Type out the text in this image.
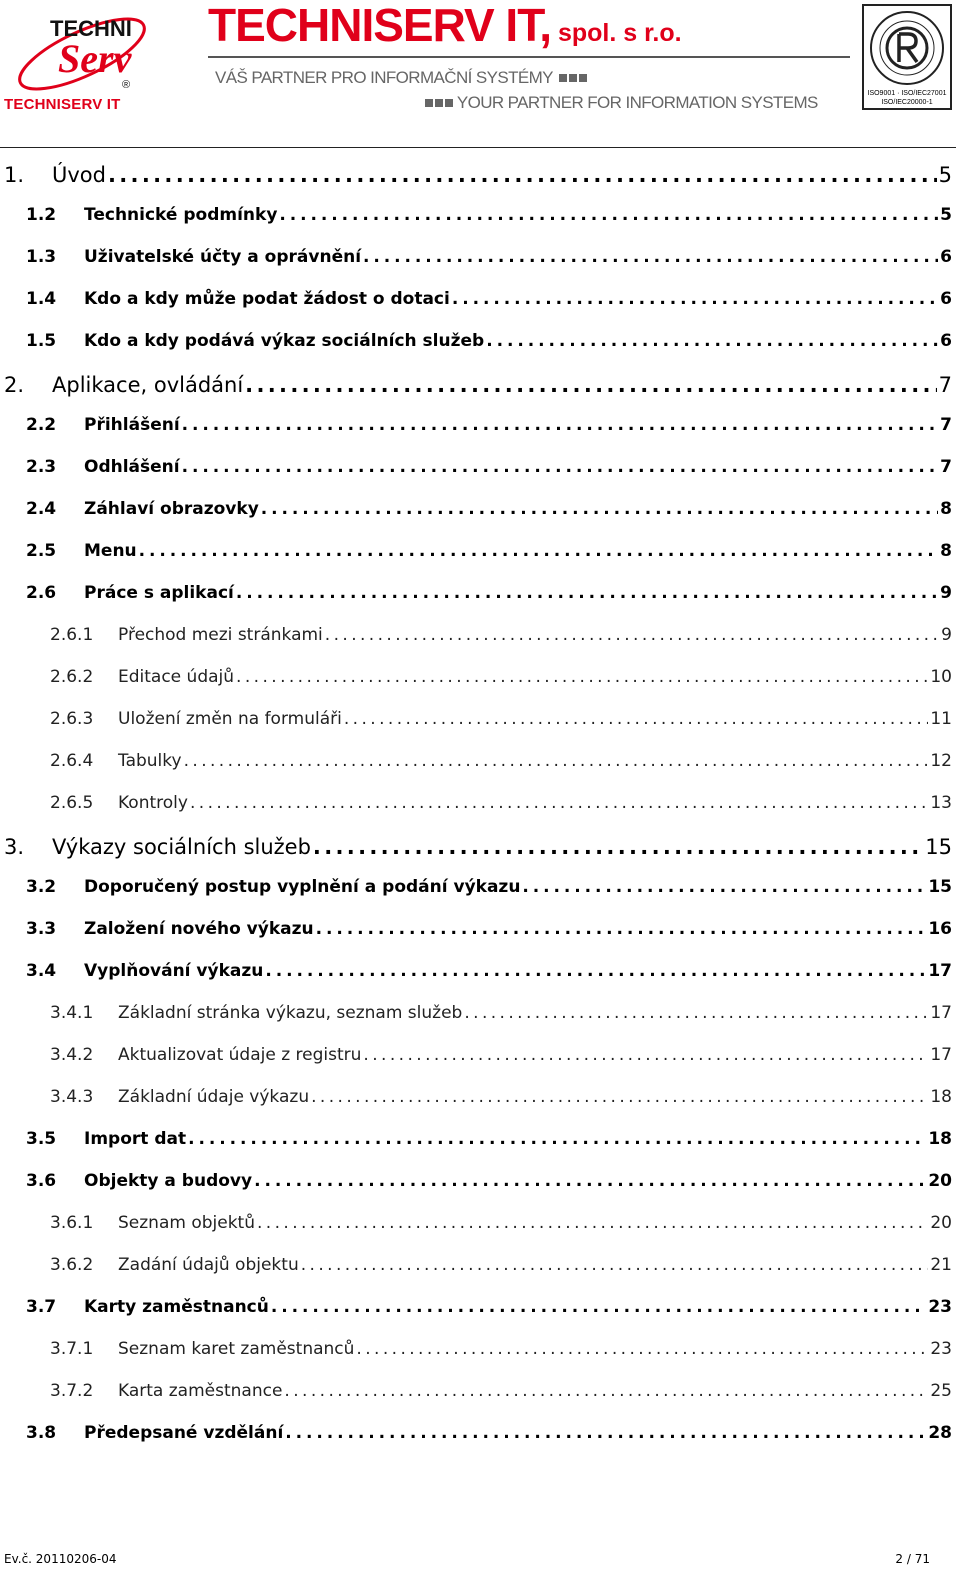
TECHNI
Serv
®
TECHNISERV IT
TECHNISERV IT, spol. s r.o.
VÁŠ PARTNER PRO INFORMAČNÍ SYSTÉMY
YOUR PARTNER FOR INFORMATION SYSTEMS	ISO9001 · ISO/IEC27001
ISO/IEC20000-1
1.	Úvod . . .	5
1.2	Technické podmínky . . .	5
1.3	Uživatelské účty a oprávnění . . .	6
1.4	Kdo a kdy může podat žádost o dotaci . . .	6
1.5	Kdo a kdy podává výkaz sociálních služeb . . .	6
2.	Aplikace, ovládání . . .	7
2.2	Přihlášení . . .	7
2.3	Odhlášení . . .	7
2.4	Záhlaví obrazovky . . .	8
2.5	Menu . . .	8
2.6	Práce s aplikací . . .	9
2.6.1	Přechod mezi stránkami . . .	9
2.6.2	Editace údajů . . .	10
2.6.3	Uložení změn na formuláři . . .	11
2.6.4	Tabulky . . .	12
2.6.5	Kontroly . . .	13
3.	Výkazy sociálních služeb . . .	15
3.2	Doporučený postup vyplnění a podání výkazu . . .	15
3.3	Založení nového výkazu . . .	16
3.4	Vyplňování výkazu . . .	17
3.4.1	Základní stránka výkazu, seznam služeb . . .	17
3.4.2	Aktualizovat údaje z registru . . .	17
3.4.3	Základní údaje výkazu . . .	18
3.5	Import dat . . .	18
3.6	Objekty a budovy . . .	20
3.6.1	Seznam objektů . . .	20
3.6.2	Zadání údajů objektu . . .	21
3.7	Karty zaměstnanců . . .	23
3.7.1	Seznam karet zaměstnanců . . .	23
3.7.2	Karta zaměstnance . . .	25
3.8	Předepsané vzdělání . . .	28
Ev.č. 20110206-04	2 / 71
